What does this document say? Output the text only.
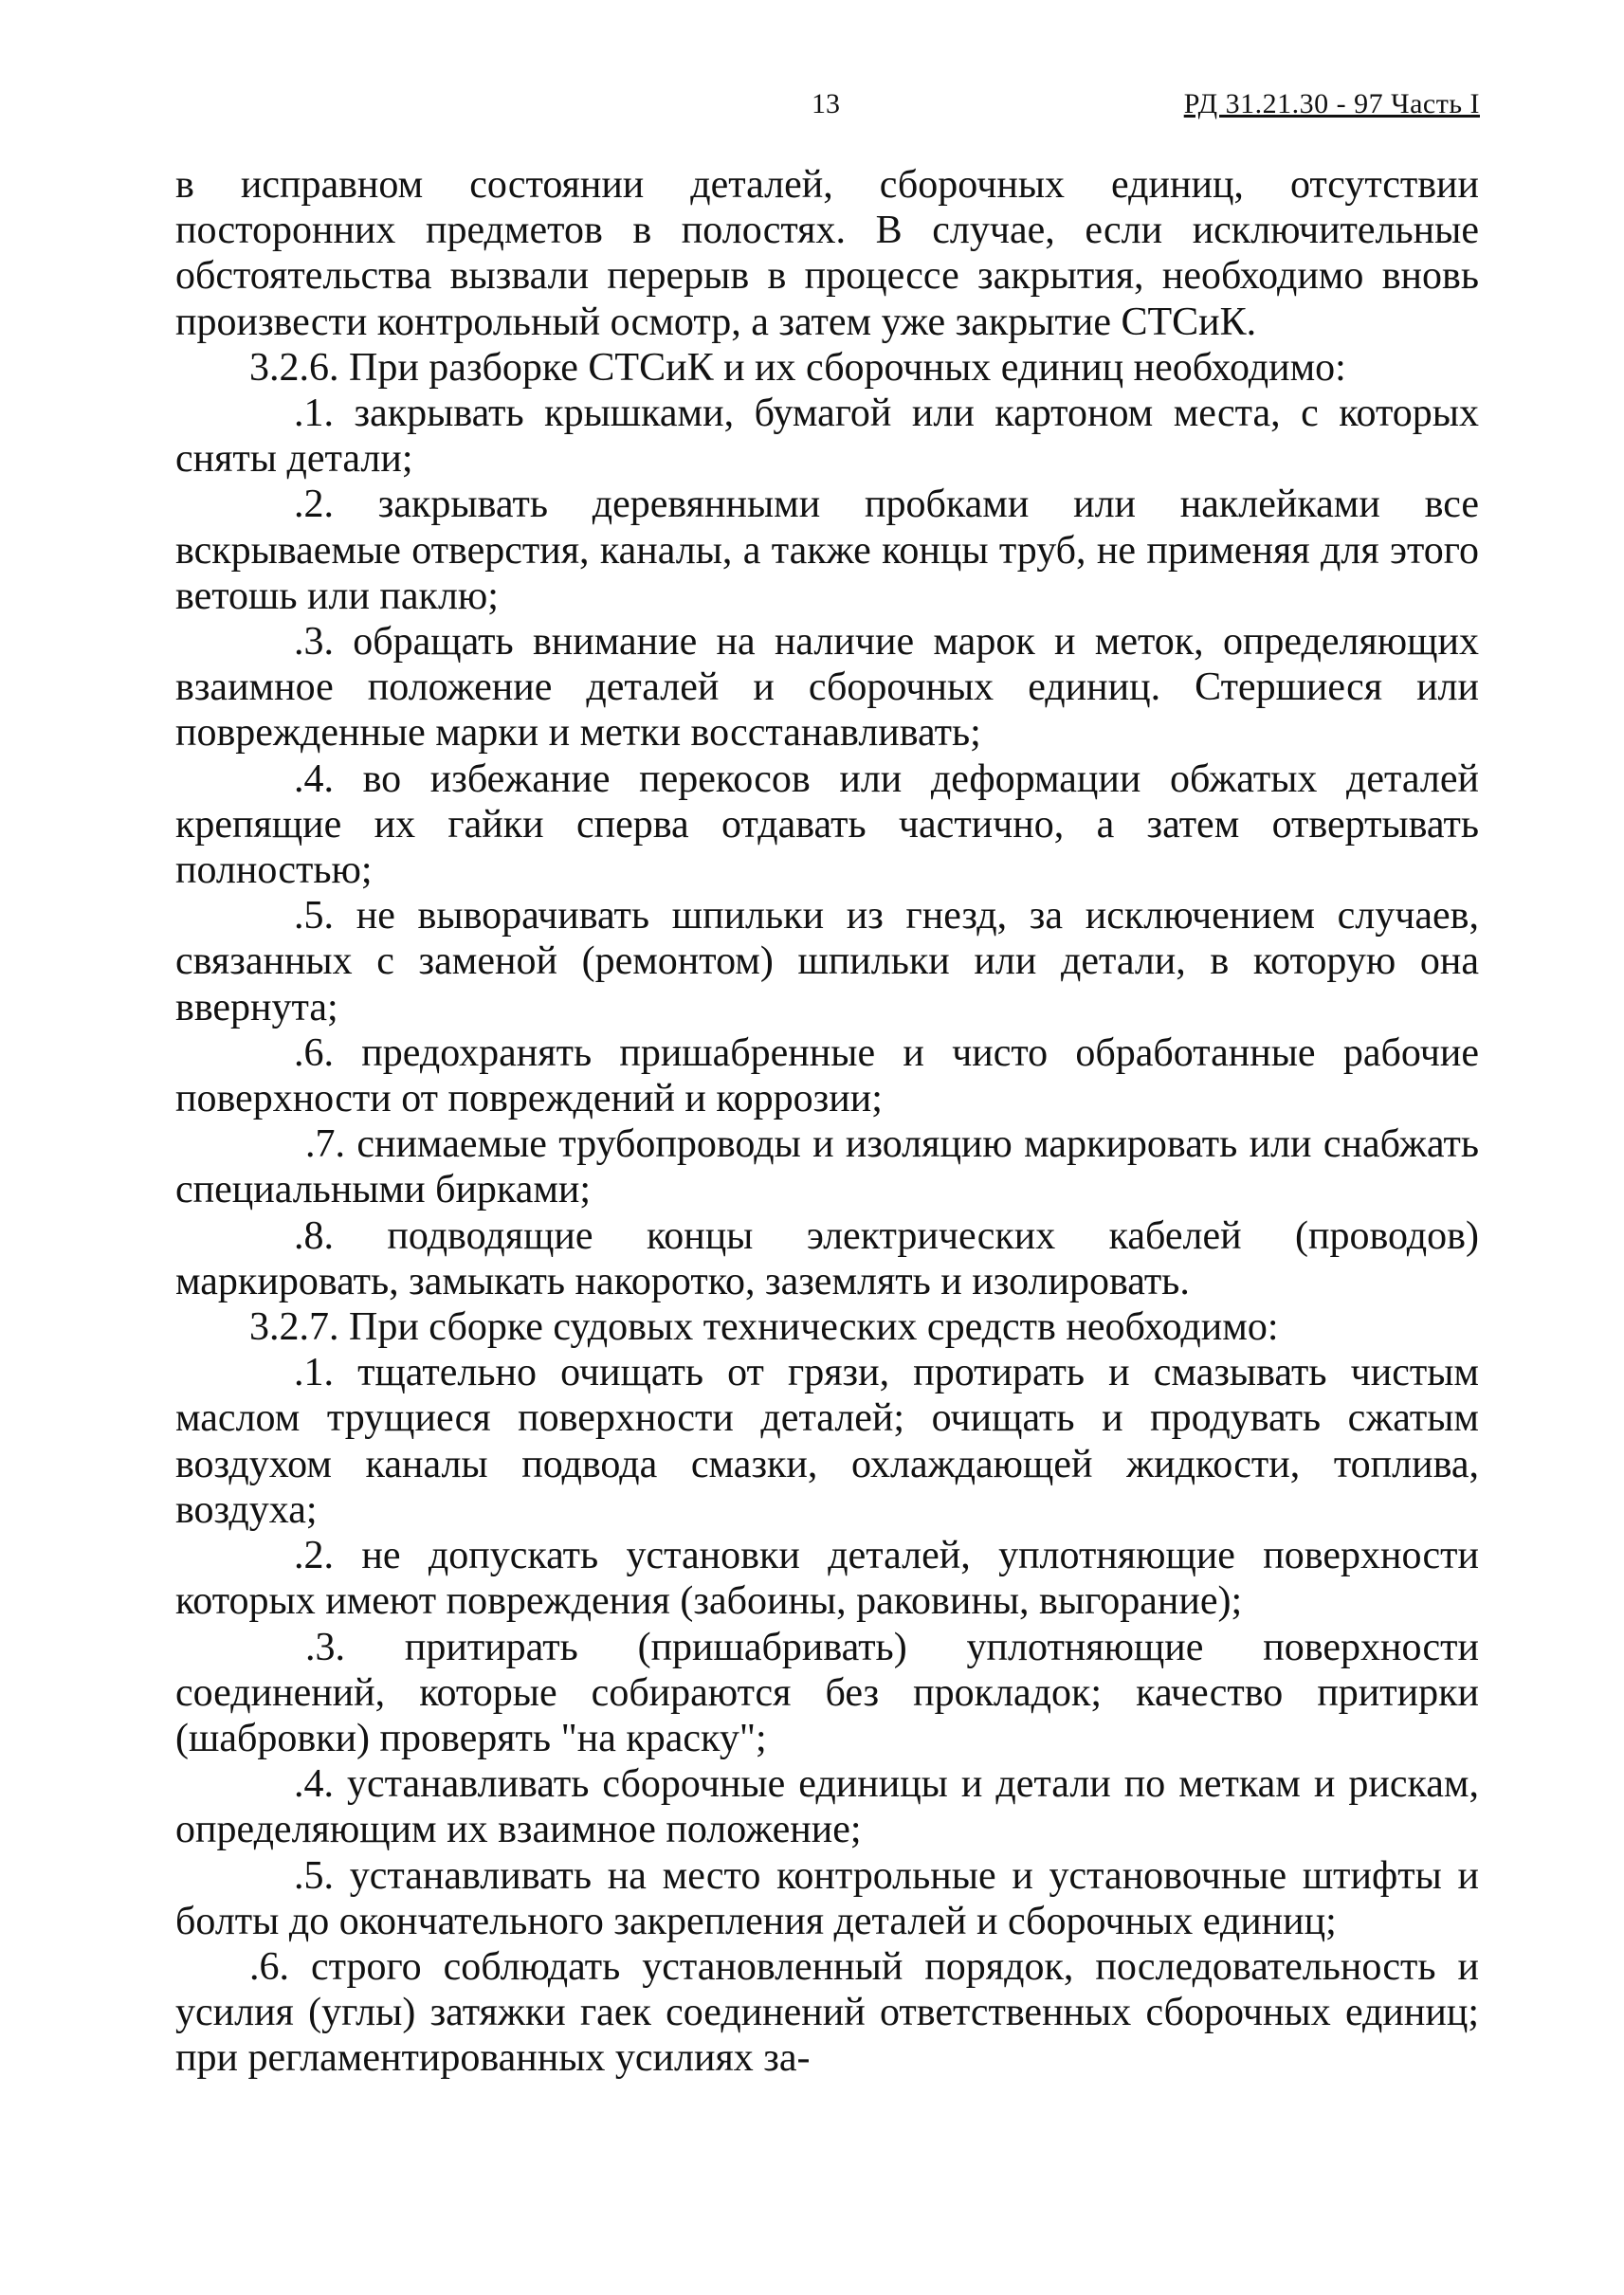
13	РД 31.21.30 - 97 Часть I

в исправном состоянии деталей, сборочных единиц, отсутствии посторонних предметов в полостях. В случае, если исключительные обстоятельства вызвали перерыв в процессе закрытия, необходимо вновь произвести контрольный осмотр, а затем уже закрытие СТСиК.

3.2.6. При разборке СТСиК и их сборочных единиц необходимо:

.1. закрывать крышками, бумагой или картоном места, с которых сняты детали;

.2. закрывать деревянными пробками или наклейками все вскрываемые отверстия, каналы, а также концы труб, не применяя для этого ветошь или паклю;

.3. обращать внимание на наличие марок и меток, определяющих взаимное положение деталей и сборочных единиц. Стершиеся или поврежденные марки и метки восстанавливать;

.4. во избежание перекосов или деформации обжатых деталей крепящие их гайки сперва отдавать частично, а затем отвертывать полностью;

.5. не выворачивать шпильки из гнезд, за исключением случаев, связанных с заменой (ремонтом) шпильки или детали, в которую она ввернута;

.6. предохранять пришабренные и чисто обработанные рабочие поверхности от повреждений и коррозии;

.7. снимаемые трубопроводы и изоляцию маркировать или снабжать специальными бирками;

.8. подводящие концы электрических кабелей (проводов) маркировать, замыкать накоротко, заземлять и изолировать.

3.2.7. При сборке судовых технических средств необходимо:

.1. тщательно очищать от грязи, протирать и смазывать чистым маслом трущиеся поверхности деталей; очищать и продувать сжатым воздухом каналы подвода смазки, охлаждающей жидкости, топлива, воздуха;

.2. не допускать установки деталей, уплотняющие поверхности которых имеют повреждения (забоины, раковины, выгорание);

.3. притирать (пришабривать) уплотняющие поверхности соединений, которые собираются без прокладок; качество притирки (шабровки) проверять "на краску";

.4. устанавливать сборочные единицы и детали по меткам и рискам, определяющим их взаимное положение;

.5. устанавливать на место контрольные и установочные штифты и болты до окончательного закрепления деталей и сборочных единиц;

.6. строго соблюдать установленный порядок, последовательность и усилия (углы) затяжки гаек соединений ответственных сборочных единиц; при регламентированных усилиях за-
